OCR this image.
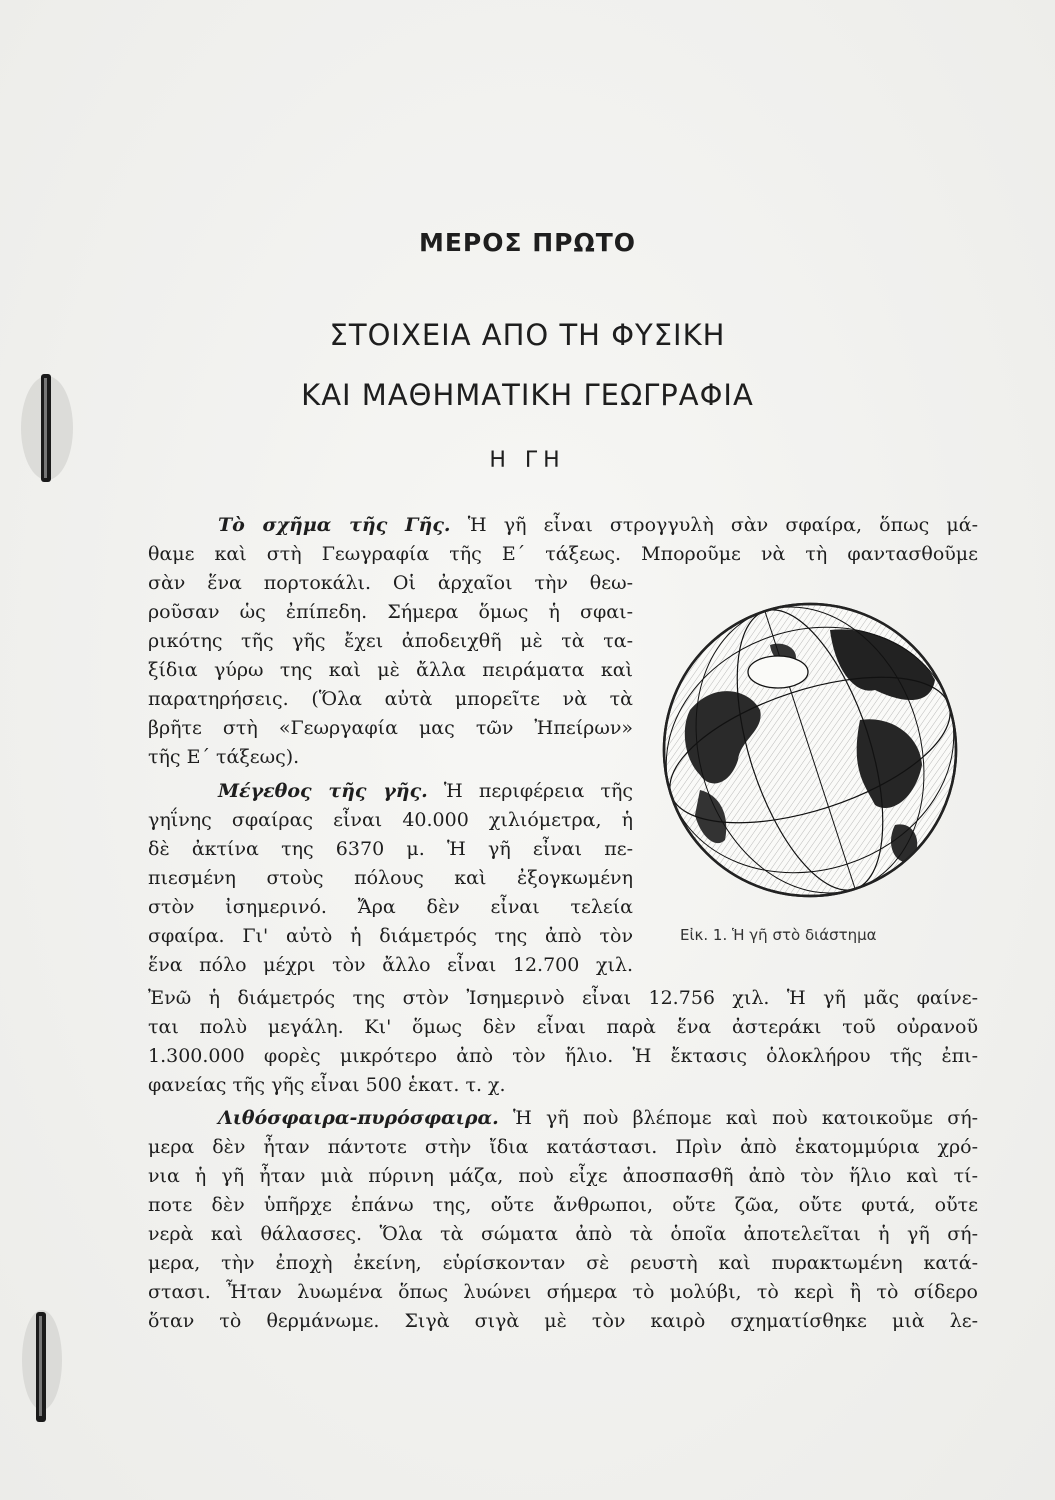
ΜΕΡΟΣ ΠΡΩΤΟ
ΣΤΟΙΧΕΙΑ ΑΠΟ ΤΗ ΦΥΣΙΚΗ
ΚΑΙ ΜΑΘΗΜΑΤΙΚΗ ΓΕΩΓΡΑΦΙΑ
Η ΓΗ
Τὸ σχῆμα τῆς Γῆς. Ἡ γῆ εἶναι στρογγυλὴ σὰν σφαίρα, ὅπως μά-
θαμε καὶ στὴ Γεωγραφία τῆς Ε΄ τάξεως. Μποροῦμε νὰ τὴ φαντασθοῦμε
σὰν ἕνα πορτοκάλι. Οἱ ἀρχαῖοι τὴν θεω-
ροῦσαν ὡς ἐπίπεδη. Σήμερα ὅμως ἡ σφαι-
ρικότης τῆς γῆς ἔχει ἀποδειχθῆ μὲ τὰ τα-
ξίδια γύρω της καὶ μὲ ἄλλα πειράματα καὶ
παρατηρήσεις. (Ὅλα αὐτὰ μπορεῖτε νὰ τὰ
βρῆτε στὴ «Γεωργαφία μας τῶν Ἠπείρων»
τῆς Ε΄ τάξεως).
Μέγεθος τῆς γῆς. Ἡ περιφέρεια τῆς
γηΐνης σφαίρας εἶναι 40.000 χιλιόμετρα, ἡ
δὲ ἀκτίνα της 6370 μ. Ἡ γῆ εἶναι πε-
πιεσμένη στοὺς πόλους καὶ ἐξογκωμένη
στὸν ἰσημερινό. Ἄρα δὲν εἶναι τελεία
σφαίρα. Γι' αὐτὸ ἡ διάμετρός της ἀπὸ τὸν
ἕνα πόλο μέχρι τὸν ἄλλο εἶναι 12.700 χιλ.
Ἐνῶ ἡ διάμετρός της στὸν Ἰσημερινὸ εἶναι 12.756 χιλ. Ἡ γῆ μᾶς φαίνε-
ται πολὺ μεγάλη. Κι' ὅμως δὲν εἶναι παρὰ ἕνα ἀστεράκι τοῦ οὐρανοῦ
1.300.000 φορὲς μικρότερο ἀπὸ τὸν ἥλιο. Ἡ ἔκτασις ὁλοκλήρου τῆς ἐπι-
φανείας τῆς γῆς εἶναι 500 ἑκατ. τ. χ.
Λιθόσφαιρα-πυρόσφαιρα. Ἡ γῆ ποὺ βλέπομε καὶ ποὺ κατοικοῦμε σή-
μερα δὲν ἦταν πάντοτε στὴν ἴδια κατάστασι. Πρὶν ἀπὸ ἑκατομμύρια χρό-
νια ἡ γῆ ἦταν μιὰ πύρινη μάζα, ποὺ εἶχε ἀποσπασθῆ ἀπὸ τὸν ἥλιο καὶ τί-
ποτε δὲν ὑπῆρχε ἐπάνω της, οὔτε ἄνθρωποι, οὔτε ζῶα, οὔτε φυτά, οὔτε
νερὰ καὶ θάλασσες. Ὅλα τὰ σώματα ἀπὸ τὰ ὁποῖα ἀποτελεῖται ἡ γῆ σή-
μερα, τὴν ἐποχὴ ἐκείνη, εὑρίσκονταν σὲ ρευστὴ καὶ πυρακτωμένη κατά-
στασι. Ἦταν λυωμένα ὅπως λυώνει σήμερα τὸ μολύβι, τὸ κερὶ ἢ τὸ σίδερο
ὅταν τὸ θερμάνωμε. Σιγὰ σιγὰ μὲ τὸν καιρὸ σχηματίσθηκε μιὰ λε-
Εἰκ. 1. Ἡ γῆ στὸ διάστημα
